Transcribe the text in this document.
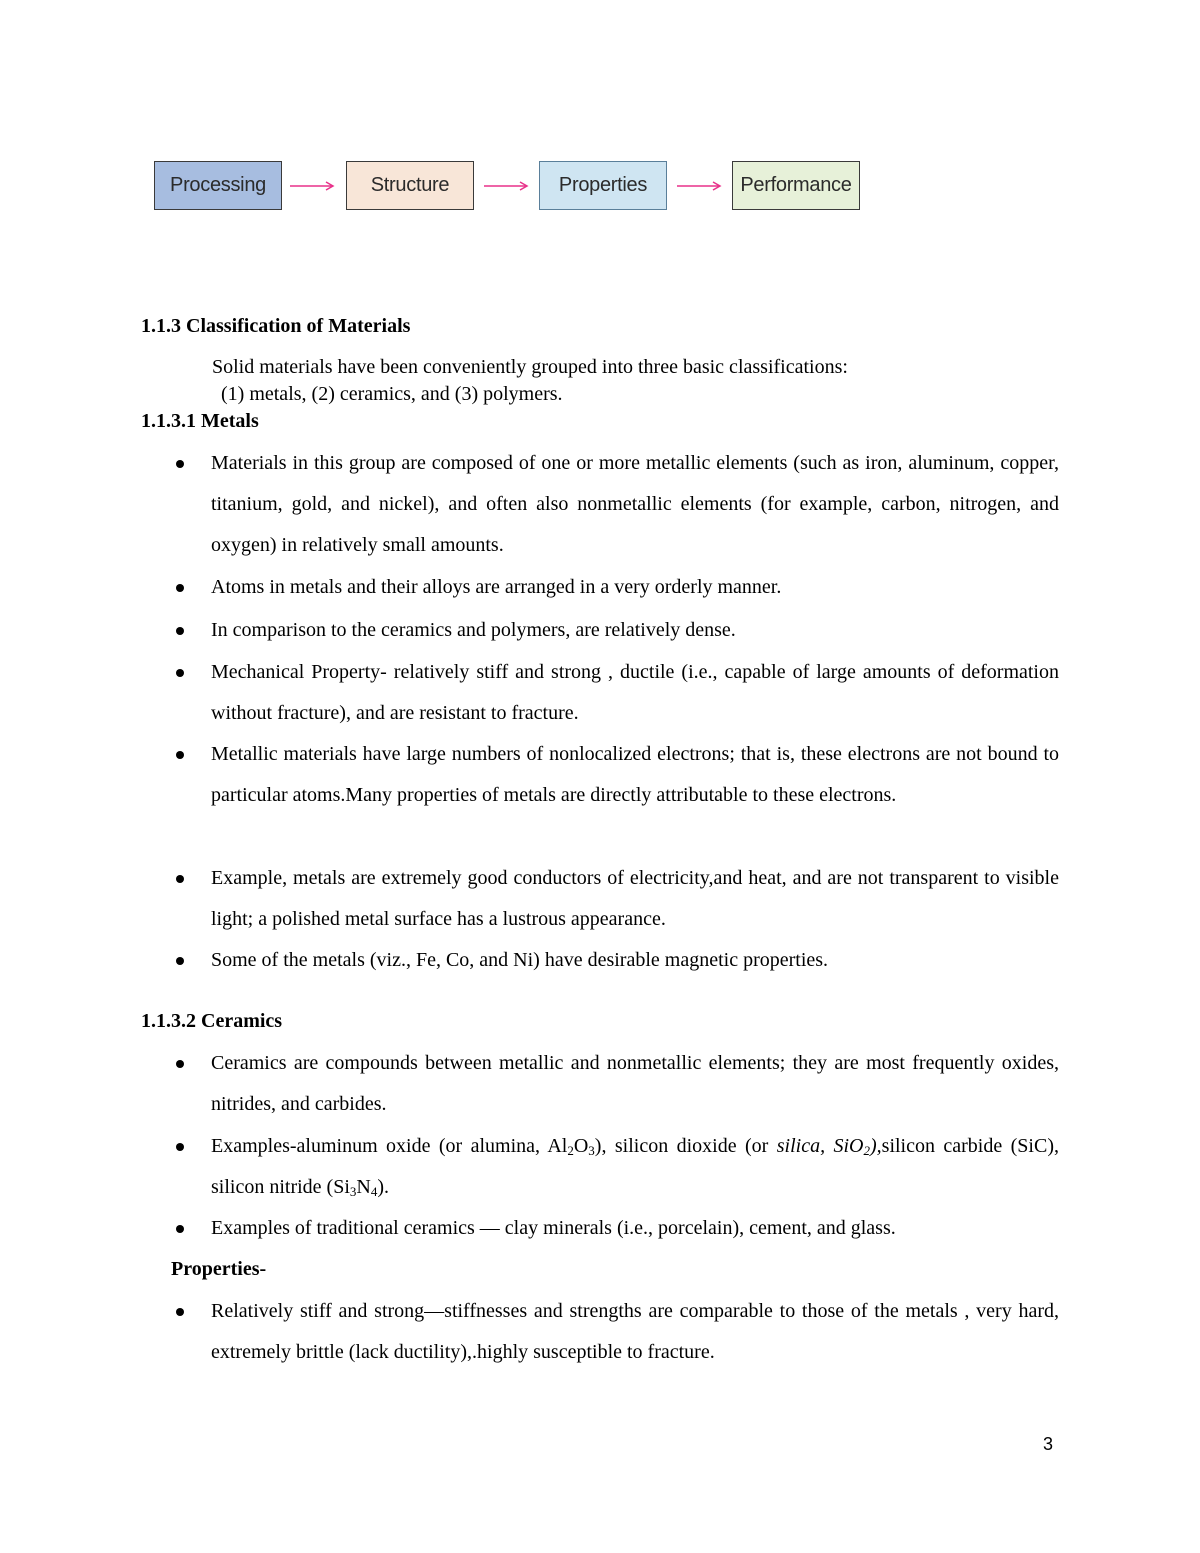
Processing	Structure	Properties	Performance
1.1.3 Classification of Materials
Solid materials have been conveniently grouped into three basic classifications:
(1) metals, (2) ceramics, and (3) polymers.
1.1.3.1 Metals
Materials in this group are composed of one or more metallic elements (such as iron, aluminum, copper, titanium, gold, and nickel), and often also nonmetallic elements (for example, carbon, nitrogen, and oxygen) in relatively small amounts.
Atoms in metals and their alloys are arranged in a very orderly manner.
In comparison to the ceramics and polymers, are relatively dense.
Mechanical Property- relatively stiff and strong , ductile (i.e., capable of large amounts of deformation without fracture), and are resistant to fracture.
Metallic materials have large numbers of nonlocalized electrons; that is, these electrons are not bound to particular atoms.Many properties of metals are directly attributable to these electrons.
Example, metals are extremely good conductors of electricity,and heat, and are not transparent to visible light; a polished metal surface has a lustrous appearance.
Some of the metals (viz., Fe, Co, and Ni) have desirable magnetic properties.
1.1.3.2 Ceramics
Ceramics are compounds between metallic and nonmetallic elements; they are most frequently oxides, nitrides, and carbides.
Examples-aluminum oxide (or alumina, $Al_2O_3$), silicon dioxide (or silica, SiO$_2$),silicon carbide (SiC), silicon nitride $(Si_3N_4)$.
Examples of traditional ceramics — clay minerals (i.e., porcelain), cement, and glass.
Properties-
Relatively stiff and strong—stiffnesses and strengths are comparable to those of the metals , very hard, extremely brittle (lack ductility),.highly susceptible to fracture.
3
